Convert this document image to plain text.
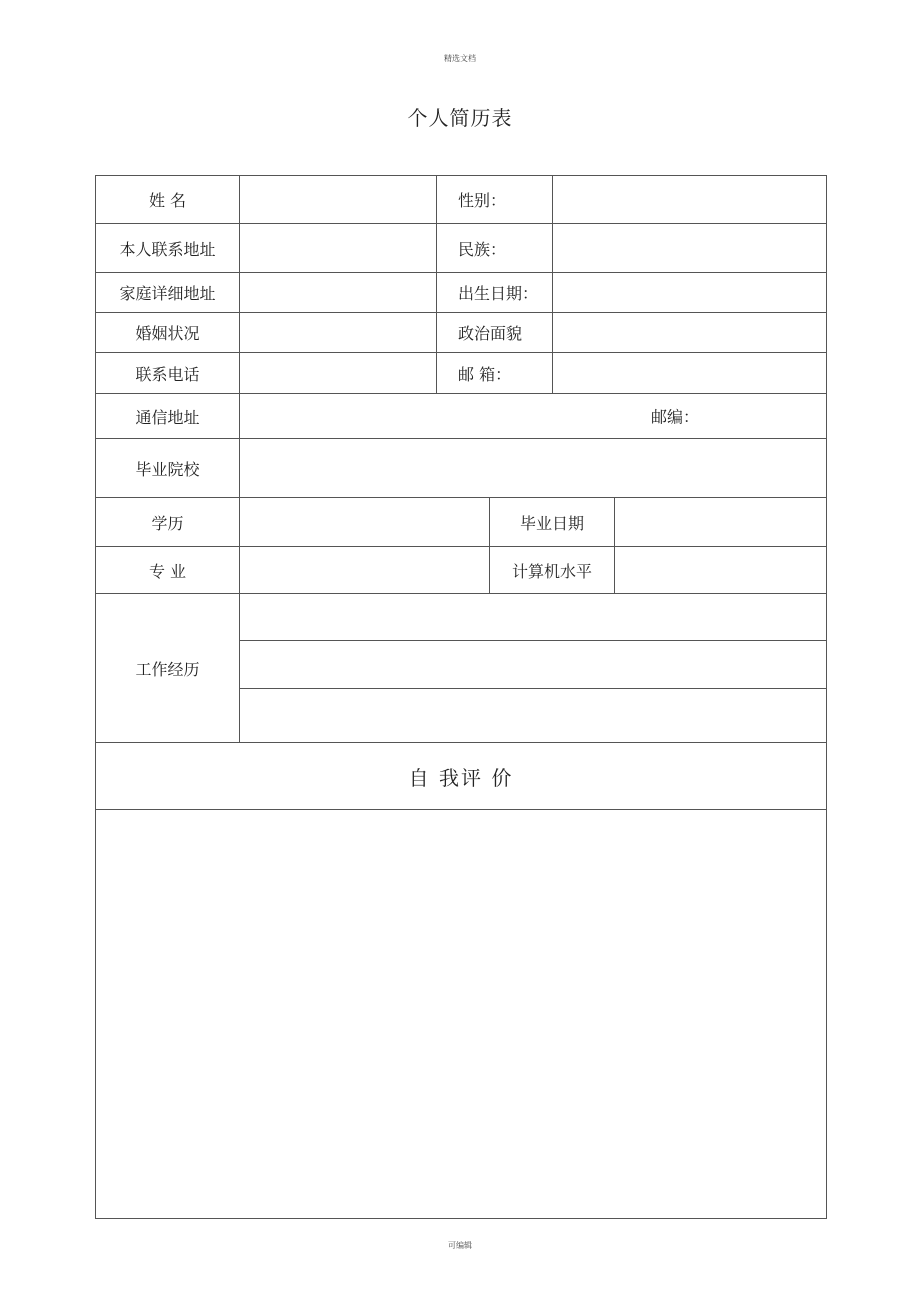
精选文档
个人简历表
姓 名		性别：			
本人联系地址		民族：			
家庭详细地址		出生日期：			
婚姻状况		政治面貌			
联系电话		邮 箱：			
通信地址	邮编：				

毕业院校					
学历			毕业日期		
专 业			计算机水平		
工作经历					

自 我评 价					

可编辑
